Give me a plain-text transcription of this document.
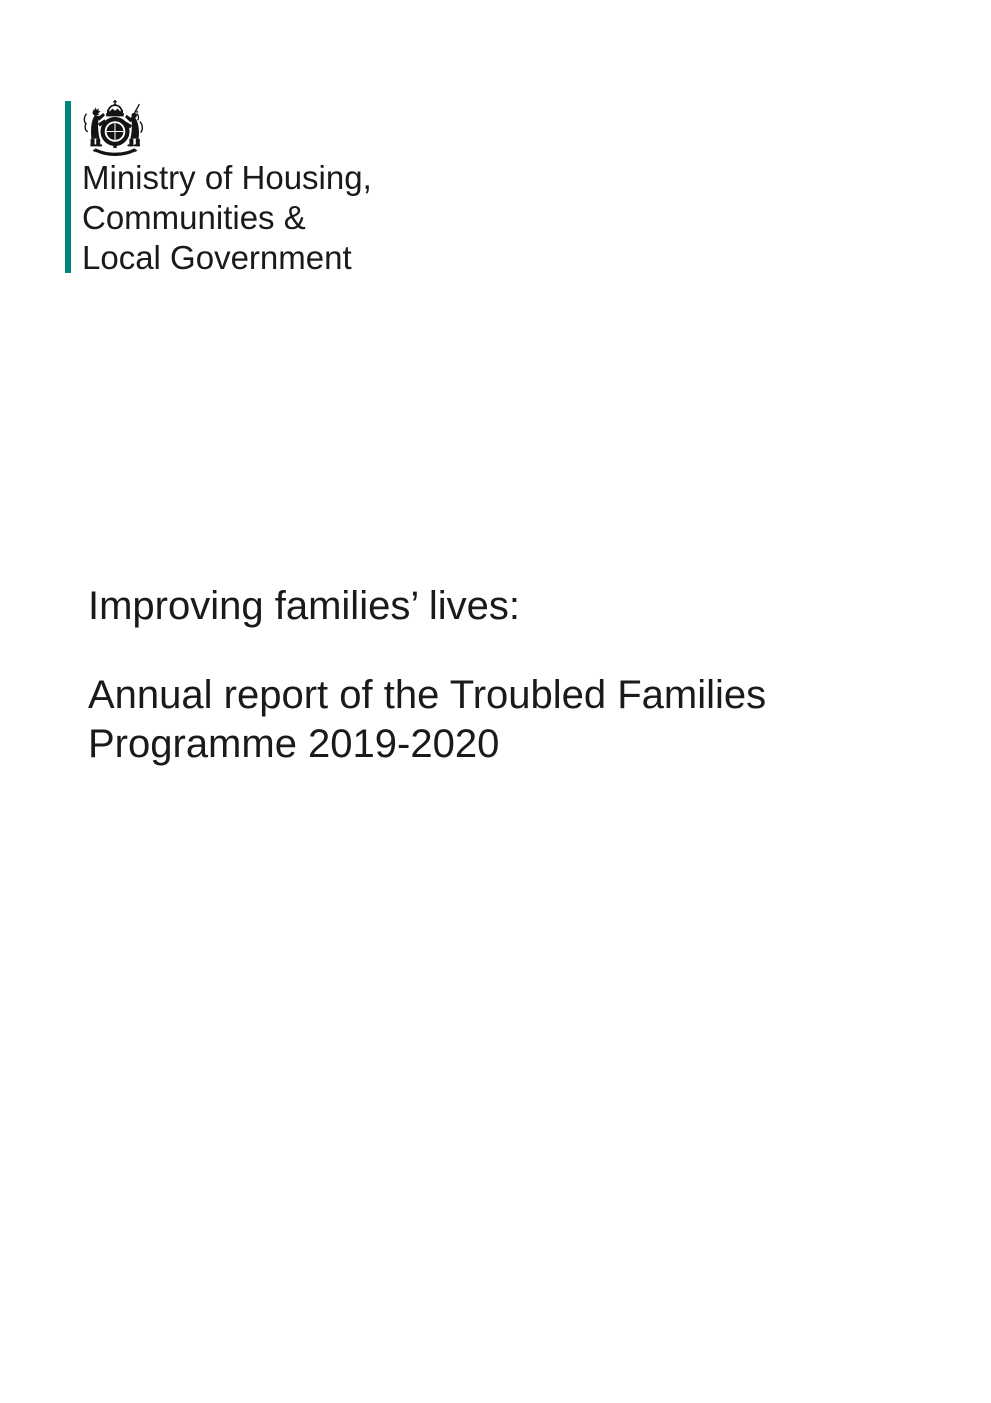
Ministry of Housing,
Communities &
Local Government
Improving families’ lives:

Annual report of the Troubled Families Programme 2019-2020
